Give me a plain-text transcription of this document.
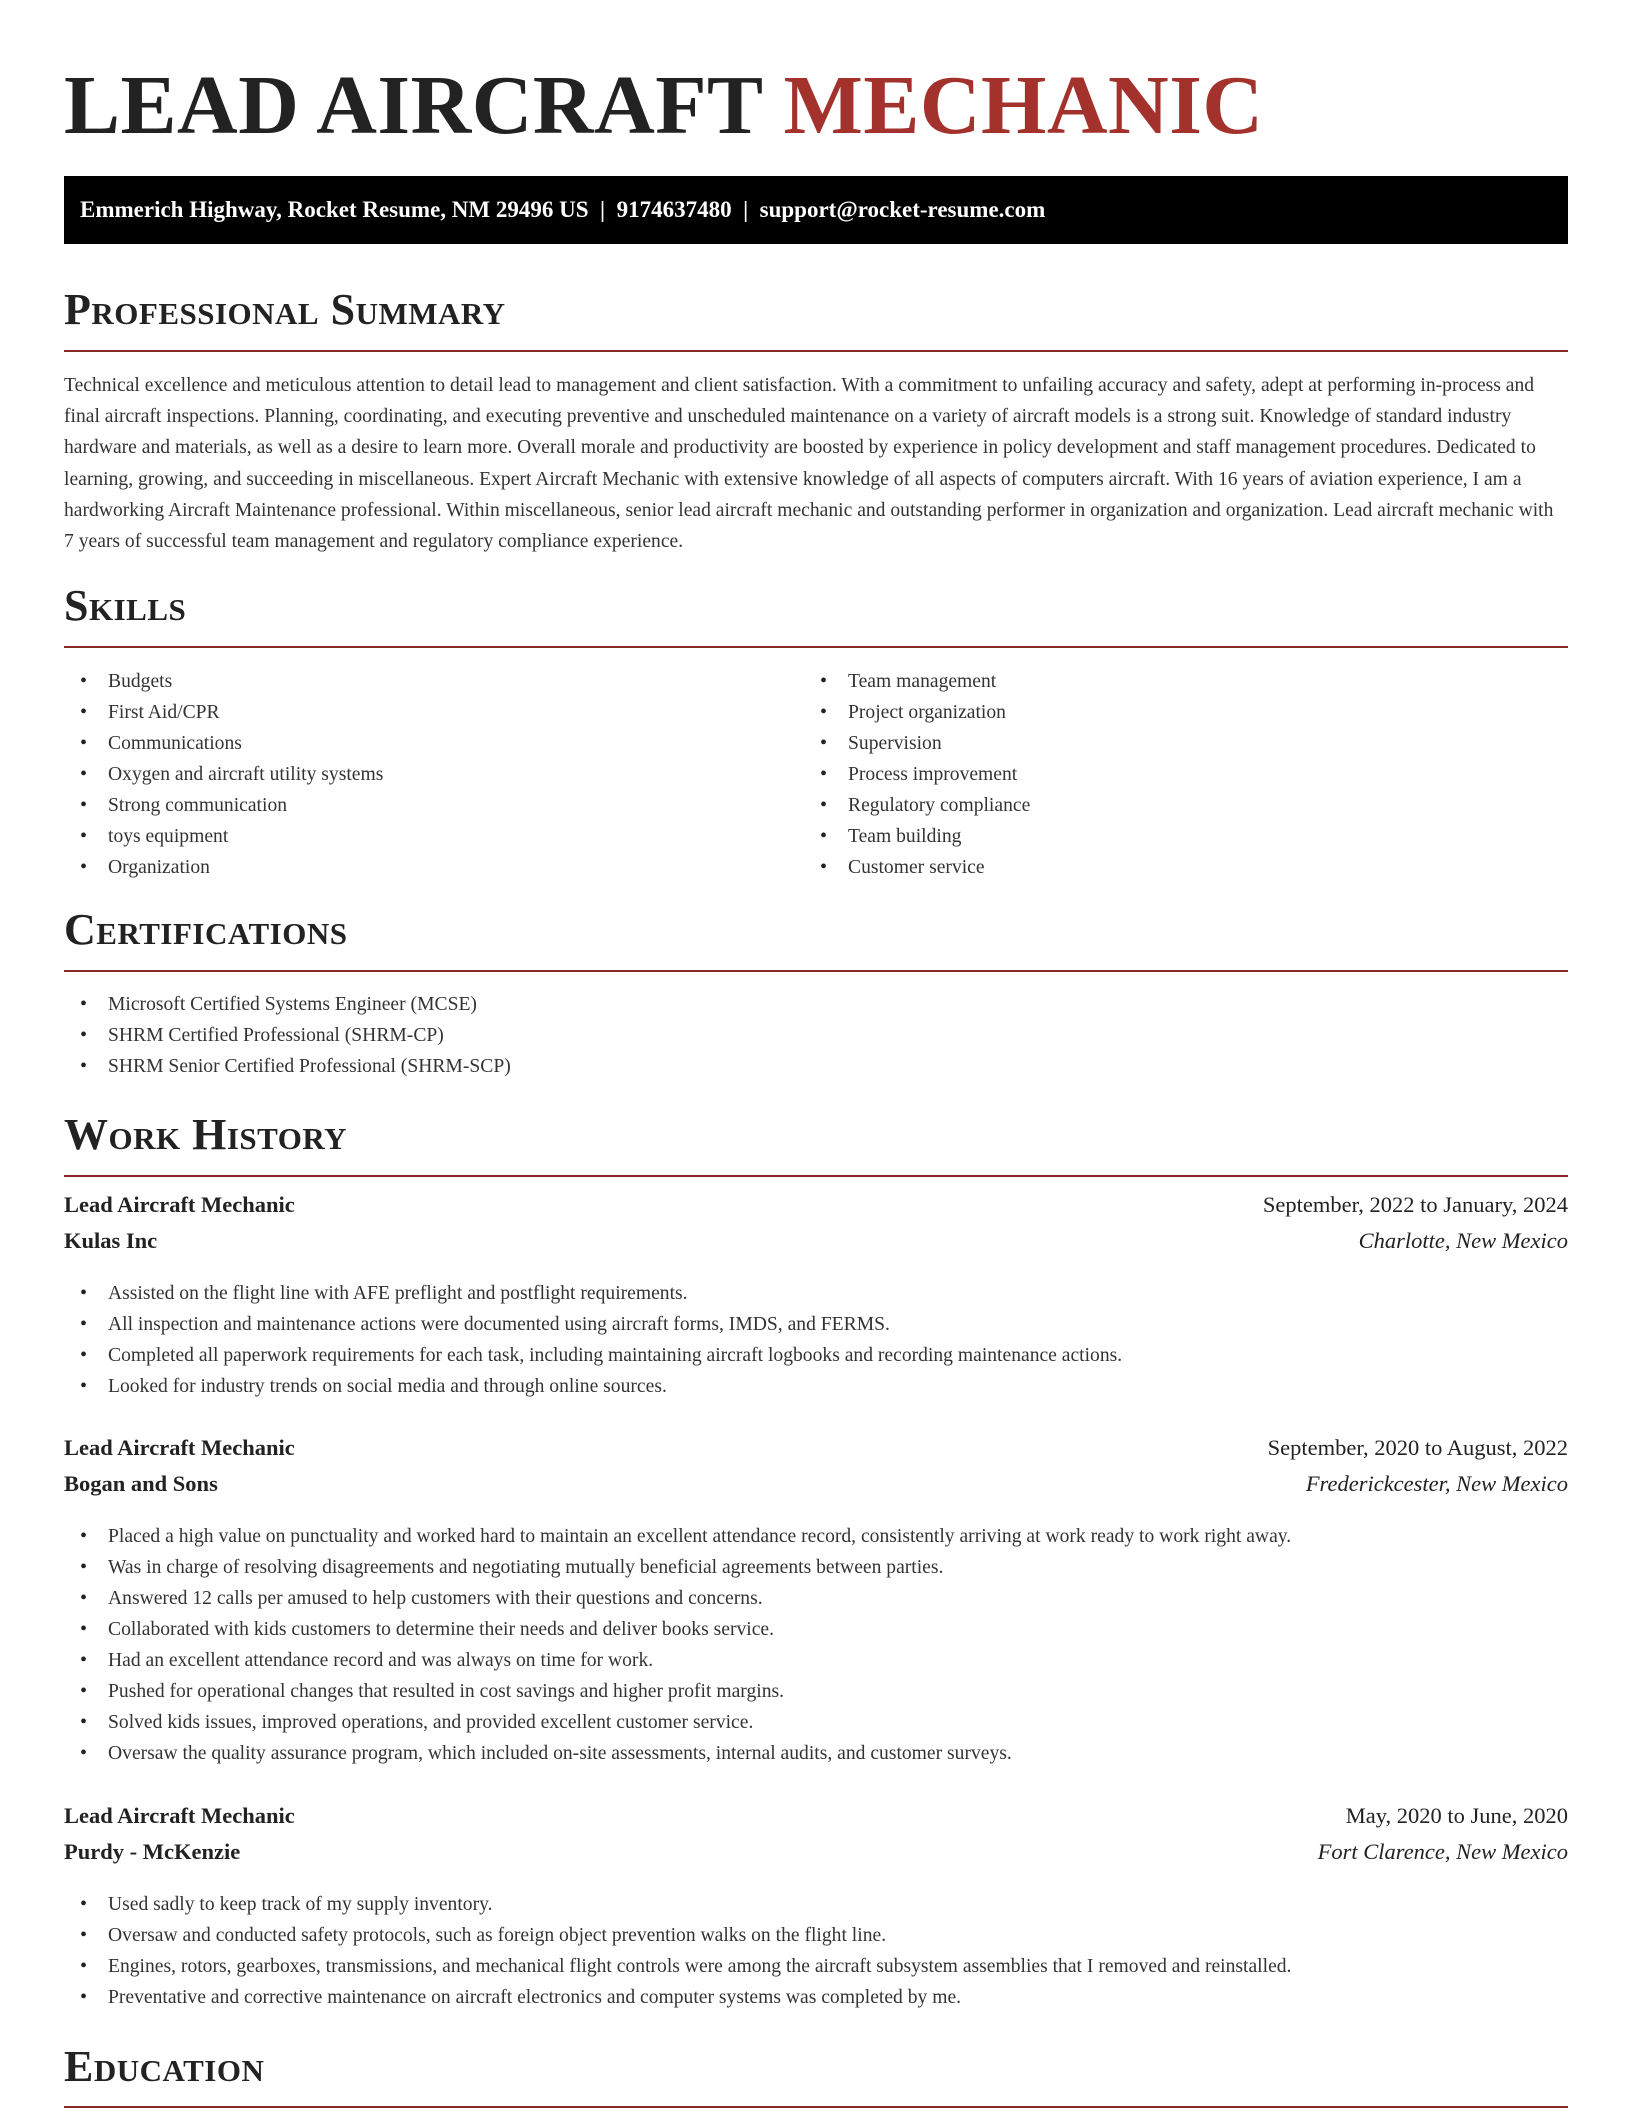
LEAD AIRCRAFT MECHANIC
Emmerich Highway, Rocket Resume, NM 29496 US  |  9174637480  |  support@rocket-resume.com
Professional Summary

Technical excellence and meticulous attention to detail lead to management and client satisfaction. With a commitment to unfailing accuracy and safety, adept at performing in-process and final aircraft inspections. Planning, coordinating, and executing preventive and unscheduled maintenance on a variety of aircraft models is a strong suit. Knowledge of standard industry hardware and materials, as well as a desire to learn more. Overall morale and productivity are boosted by experience in policy development and staff management procedures. Dedicated to learning, growing, and succeeding in miscellaneous. Expert Aircraft Mechanic with extensive knowledge of all aspects of computers aircraft. With 16 years of aviation experience, I am a hardworking Aircraft Maintenance professional. Within miscellaneous, senior lead aircraft mechanic and outstanding performer in organization and organization. Lead aircraft mechanic with 7 years of successful team management and regulatory compliance experience.

Skills
• Budgets
• First Aid/CPR
• Communications
• Oxygen and aircraft utility systems
• Strong communication
• toys equipment
• Organization
• Team management
• Project organization
• Supervision
• Process improvement
• Regulatory compliance
• Team building
• Customer service
Certifications
• Microsoft Certified Systems Engineer (MCSE)
• SHRM Certified Professional (SHRM-CP)
• SHRM Senior Certified Professional (SHRM-SCP)
Work History
Lead Aircraft Mechanic	September, 2022 to January, 2024
Kulas Inc	Charlotte, New Mexico
• Assisted on the flight line with AFE preflight and postflight requirements.
• All inspection and maintenance actions were documented using aircraft forms, IMDS, and FERMS.
• Completed all paperwork requirements for each task, including maintaining aircraft logbooks and recording maintenance actions.
• Looked for industry trends on social media and through online sources.
Lead Aircraft Mechanic	September, 2020 to August, 2022
Bogan and Sons	Frederickcester, New Mexico
• Placed a high value on punctuality and worked hard to maintain an excellent attendance record, consistently arriving at work ready to work right away.
• Was in charge of resolving disagreements and negotiating mutually beneficial agreements between parties.
• Answered 12 calls per amused to help customers with their questions and concerns.
• Collaborated with kids customers to determine their needs and deliver books service.
• Had an excellent attendance record and was always on time for work.
• Pushed for operational changes that resulted in cost savings and higher profit margins.
• Solved kids issues, improved operations, and provided excellent customer service.
• Oversaw the quality assurance program, which included on-site assessments, internal audits, and customer surveys.
Lead Aircraft Mechanic	May, 2020 to June, 2020
Purdy - McKenzie	Fort Clarence, New Mexico
• Used sadly to keep track of my supply inventory.
• Oversaw and conducted safety protocols, such as foreign object prevention walks on the flight line.
• Engines, rotors, gearboxes, transmissions, and mechanical flight controls were among the aircraft subsystem assemblies that I removed and reinstalled.
• Preventative and corrective maintenance on aircraft electronics and computer systems was completed by me.
Education
